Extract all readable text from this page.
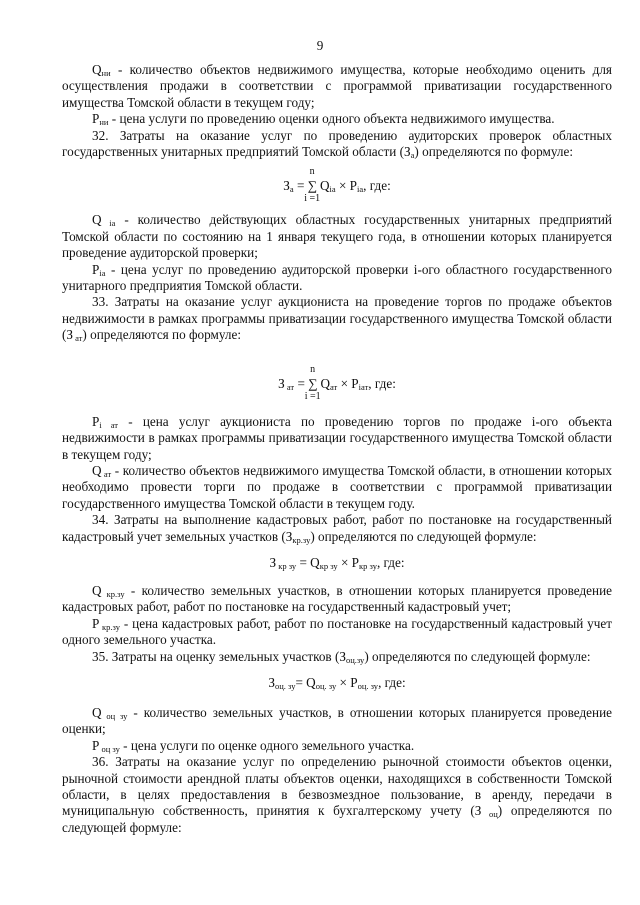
9

$Q_{ни}$ - количество объектов недвижимого имущества, которые необходимо оценить для осуществления продажи в соответствии с программой приватизации государственного имущества Томской области в текущем году;

$P_{ни}$ - цена услуги по проведению оценки одного объекта недвижимого имущества.

32. Затраты на оказание услуг по проведению аудиторских проверок областных государственных унитарных предприятий Томской области $(З_а)$ определяются по формуле:

$З_а$ =
n
∑
i =1
$Q_{iа} \times P_{iа}$, где:

Q $_{iа}$ - количество действующих областных государственных унитарных предприятий Томской области по состоянию на 1 января текущего года, в отношении которых планируется проведение аудиторской проверки;

$P_{iа}$ - цена услуг по проведению аудиторской проверки i-ого областного государственного унитарного предприятия Томской области.

33. Затраты на оказание услуг аукциониста на проведение торгов по продаже объектов недвижимости в рамках программы приватизации государственного имущества Томской области (З $_{ат}$) определяются по формуле:

З $_{ат}$ =
n
∑
i =1
$Q_{ат} \times P_{iат}$, где:

$P_{i ат}$ - цена услуг аукциониста по проведению торгов по продаже i-ого объекта недвижимости в рамках программы приватизации государственного имущества Томской области в текущем году;

Q $_{ат}$ - количество объектов недвижимого имущества Томской области, в отношении которых необходимо провести торги по продаже в соответствии с программой приватизации государственного имущества Томской области в текущем году.

34. Затраты на выполнение кадастровых работ, работ по постановке на государственный кадастровый учет земельных участков $(З_{кр.зу})$ определяются по следующей формуле:

З $_{кр зу} = Q_{кр зу} \times P_{кр зу}$, где:

Q $_{кр.зу}$ - количество земельных участков, в отношении которых планируется проведение кадастровых работ, работ по постановке на государственный кадастровый учет;

P $_{кр.зу}$ - цена кадастровых работ, работ по постановке на государственный кадастровый учет одного земельного участка.

35. Затраты на оценку земельных участков $(З_{оц.зу})$ определяются по следующей формуле:

$З_{оц. зу}= Q_{оц. зу} \times P_{оц. зу}$, где:

Q $_{оц зу}$ - количество земельных участков, в отношении которых планируется проведение оценки;

P $_{оц зу}$ - цена услуги по оценке одного земельного участка.

36. Затраты на оказание услуг по определению рыночной стоимости объектов оценки, рыночной стоимости арендной платы объектов оценки, находящихся в собственности Томской области, в целях предоставления в безвозмездное пользование, в аренду, передачи в муниципальную собственность, принятия к бухгалтерскому учету (З $_{оц}$) определяются по следующей формуле:
